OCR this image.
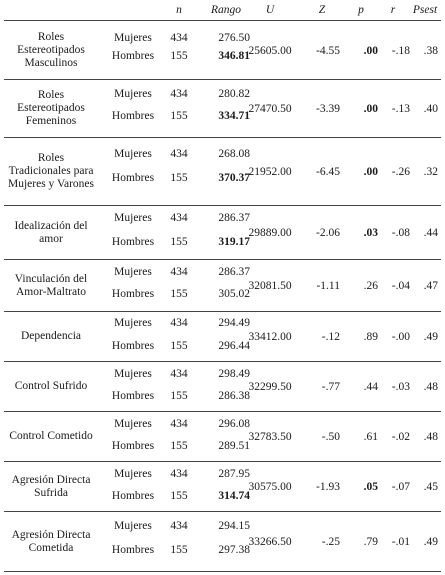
n	Rango	U	Z	p	r	Psest
Roles Estereotipados Masculinos
Mujeres	434	276.50
Hombres	155	346.81
25605.00	-4.55	.00	-.18	.38
Roles Estereotipados Femeninos
Mujeres	434	280.82
Hombres	155	334.71
27470.50	-3.39	.00	-.13	.40
Roles Tradicionales para Mujeres y Varones
Mujeres	434	268.08
Hombres	155	370.37
21952.00	-6.45	.00	-.26	.32
Idealización del amor
Mujeres	434	286.37
Hombres	155	319.17
29889.00	-2.06	.03	-.08	.44
Vinculación del Amor-Maltrato
Mujeres	434	286.37
Hombres	155	305.02
32081.50	-1.11	.26	-.04	.47
Dependencia
Mujeres	434	294.49
Hombres	155	296.44
33412.00	-.12	.89	-.00	.49
Control Sufrido
Mujeres	434	298.49
Hombres	155	286.38
32299.50	-.77	.44	-.03	.48
Control Cometido
Mujeres	434	296.08
Hombres	155	289.51
32783.50	-.50	.61	-.02	.48
Agresión Directa Sufrida
Mujeres	434	287.95
Hombres	155	314.74
30575.00	-1.93	.05	-.07	.45
Agresión Directa Cometida
Mujeres	434	294.15
Hombres	155	297.38
33266.50	-.25	.79	-.01	.49
